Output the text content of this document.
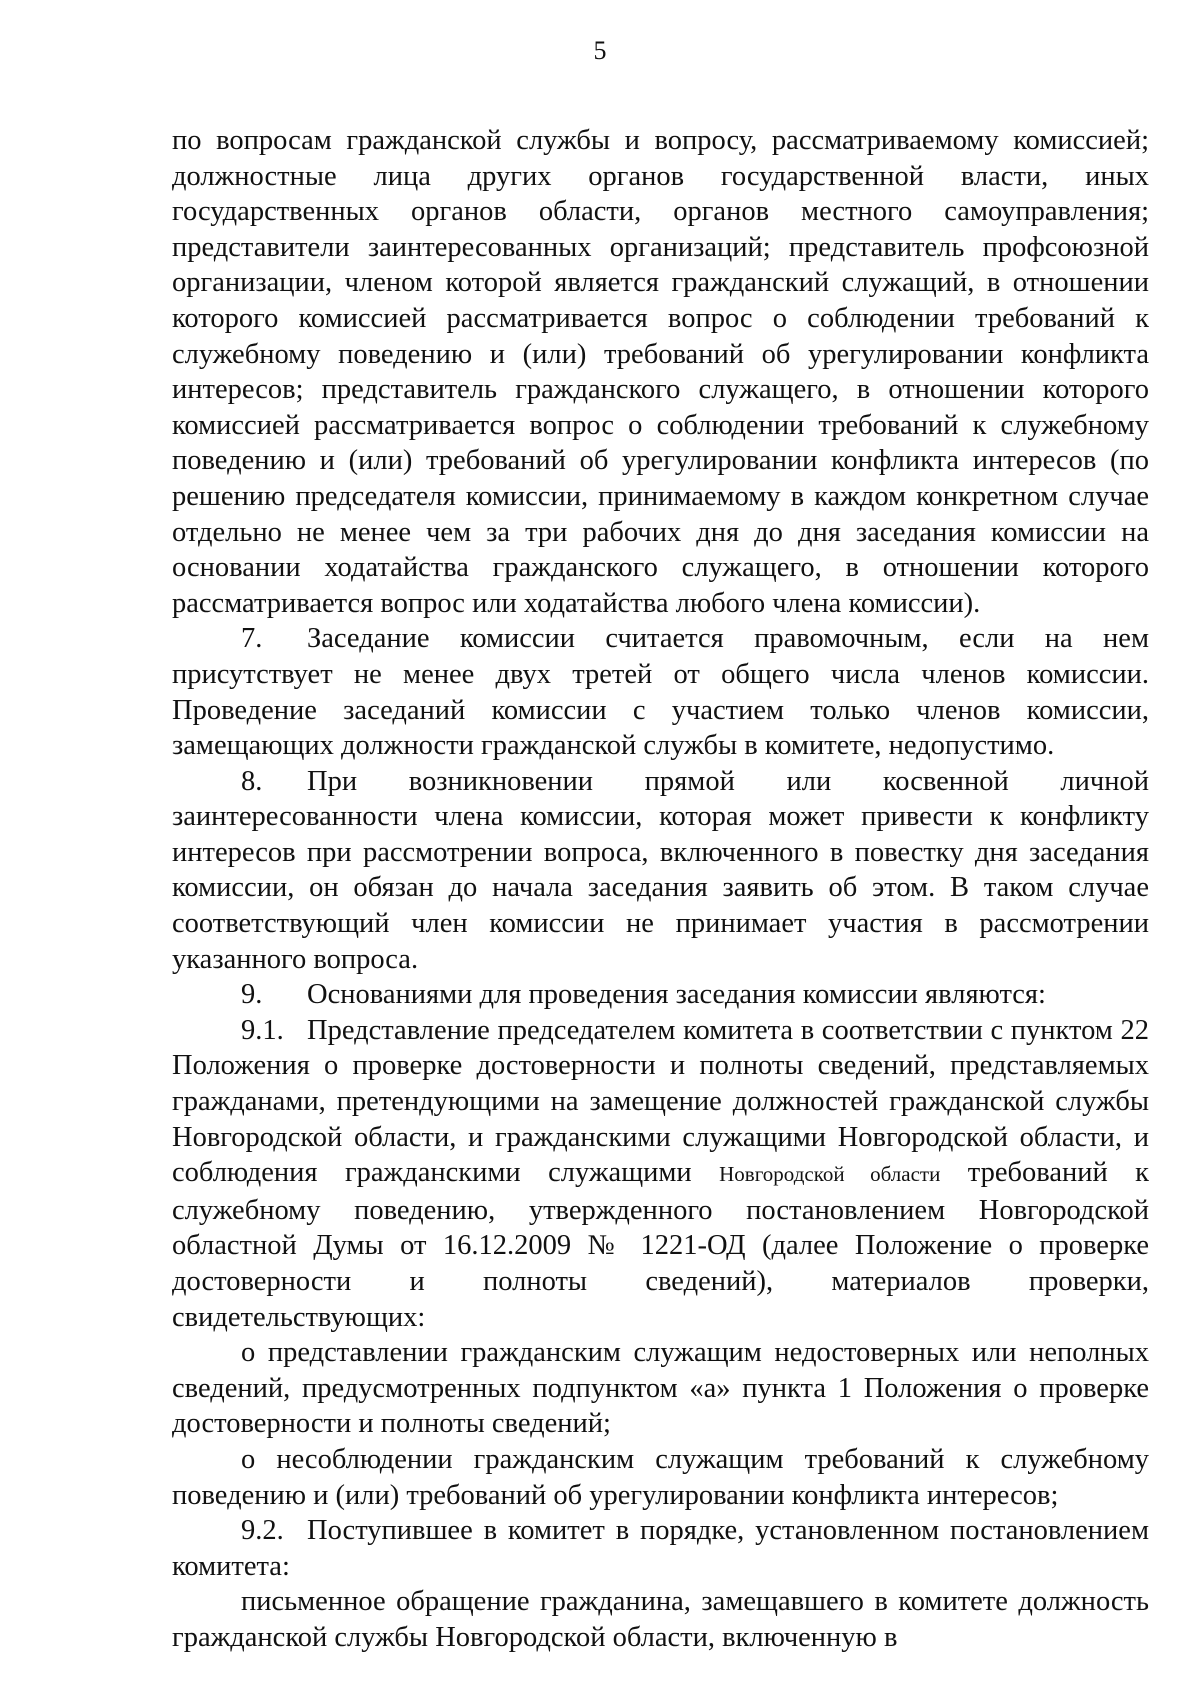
5

по вопросам гражданской службы и вопросу, рассматриваемому комиссией; должностные лица других органов государственной власти, иных государственных органов области, органов местного самоуправления; представители заинтересованных организаций; представитель профсоюзной организации, членом которой является гражданский служащий, в отношении которого комиссией рассматривается вопрос о соблюдении требований к служебному поведению и (или) требований об урегулировании конфликта интересов; представитель гражданского служащего, в отношении которого комиссией рассматривается вопрос о соблюдении требований к служебному поведению и (или) требований об урегулировании конфликта интересов (по решению председателя комиссии, принимаемому в каждом конкретном случае отдельно не менее чем за три рабочих дня до дня заседания комиссии на основании ходатайства гражданского служащего, в отношении которого рассматривается вопрос или ходатайства любого члена комиссии).

7. Заседание комиссии считается правомочным, если на нем присутствует не менее двух третей от общего числа членов комиссии. Проведение заседаний комиссии с участием только членов комиссии, замещающих должности гражданской службы в комитете, недопустимо.

8. При возникновении прямой или косвенной личной заинтересованности члена комиссии, которая может привести к конфликту интересов при рассмотрении вопроса, включенного в повестку дня заседания комиссии, он обязан до начала заседания заявить об этом. В таком случае соответствующий член комиссии не принимает участия в рассмотрении указанного вопроса.

9. Основаниями для проведения заседания комиссии являются:

9.1. Представление председателем комитета в соответствии с пунктом 22 Положения о проверке достоверности и полноты сведений, представляемых гражданами, претендующими на замещение должностей гражданской службы Новгородской области, и гражданскими служащими Новгородской области, и соблюдения гражданскими служащими Новгородской области требований к служебному поведению, утвержденного постановлением Новгородской областной Думы от 16.12.2009 № 1221-ОД (далее Положение о проверке достоверности и полноты сведений), материалов проверки, свидетельствующих:

о представлении гражданским служащим недостоверных или неполных сведений, предусмотренных подпунктом «а» пункта 1 Положения о проверке достоверности и полноты сведений;

о несоблюдении гражданским служащим требований к служебному поведению и (или) требований об урегулировании конфликта интересов;

9.2. Поступившее в комитет в порядке, установленном постановлением комитета:

письменное обращение гражданина, замещавшего в комитете должность гражданской службы Новгородской области, включенную в
